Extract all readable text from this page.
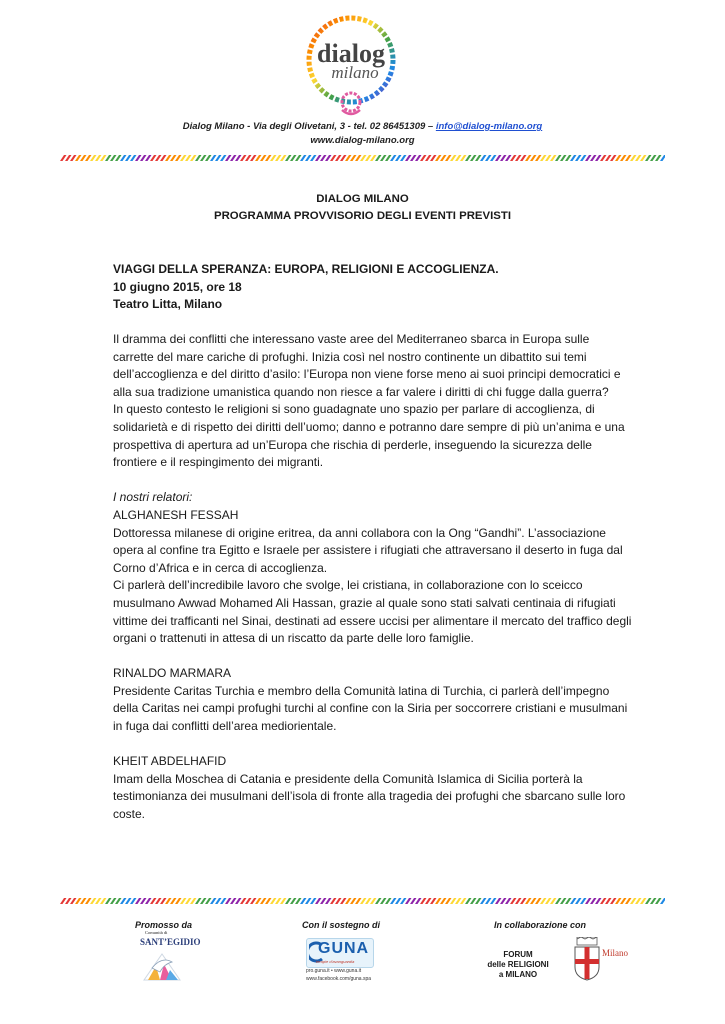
dialog
milano
Dialog Milano - Via degli Olivetani, 3 - tel. 02 86451309 – info@dialog-milano.org
www.dialog-milano.org
DIALOG MILANO
PROGRAMMA PROVVISORIO DEGLI EVENTI PREVISTI

VIAGGI DELLA SPERANZA: EUROPA, RELIGIONI E ACCOGLIENZA.

10 giugno 2015, ore 18

Teatro Litta, Milano

Il dramma dei conflitti che interessano vaste aree del Mediterraneo sbarca in Europa sulle carrette del mare cariche di profughi. Inizia così nel nostro continente un dibattito sui temi dell’accoglienza e del diritto d’asilo: l’Europa non viene forse meno ai suoi principi democratici e alla sua tradizione umanistica quando non riesce a far valere i diritti di chi fugge dalla guerra?

In questo contesto le religioni si sono guadagnate uno spazio per parlare di accoglienza, di solidarietà e di rispetto dei diritti dell’uomo; danno e potranno dare sempre di più un’anima e una prospettiva di apertura ad un’Europa che rischia di perderle, inseguendo la sicurezza delle frontiere e il respingimento dei migranti.

I nostri relatori:

ALGHANESH FESSAH

Dottoressa milanese di origine eritrea, da anni collabora con la Ong “Gandhi”. L’associazione opera al confine tra Egitto e Israele per assistere i rifugiati che attraversano il deserto in fuga dal Corno d’Africa e in cerca di accoglienza.

Ci parlerà dell’incredibile lavoro che svolge, lei cristiana, in collaborazione con lo sceicco musulmano Awwad Mohamed Ali Hassan, grazie al quale sono stati salvati centinaia di rifugiati vittime dei trafficanti nel Sinai, destinati ad essere uccisi per alimentare il mercato del traffico degli organi o trattenuti in attesa di un riscatto da parte delle loro famiglie.

RINALDO MARMARA

Presidente Caritas Turchia e membro della Comunità latina di Turchia, ci parlerà dell’impegno della Caritas nei campi profughi turchi al confine con la Siria per soccorrere cristiani e musulmani in fuga dai conflitti dell’area mediorientale.

KHEIT ABDELHAFID

Imam della Moschea di Catania e presidente della Comunità Islamica di Sicilia porterà la testimonianza dei musulmani dell’isola di fronte alla tragedia dei profughi che sbarcano sulle loro coste.

Promosso da	Con il sostegno di	In collaborazione con
Comunità di
SANT’EGIDIO	GUNA
terapie d'avanguardia
pro.guna.it • www.guna.it
www.facebook.com/guna.spa
FORUM
delle RELIGIONI
a MILANO
Milano
